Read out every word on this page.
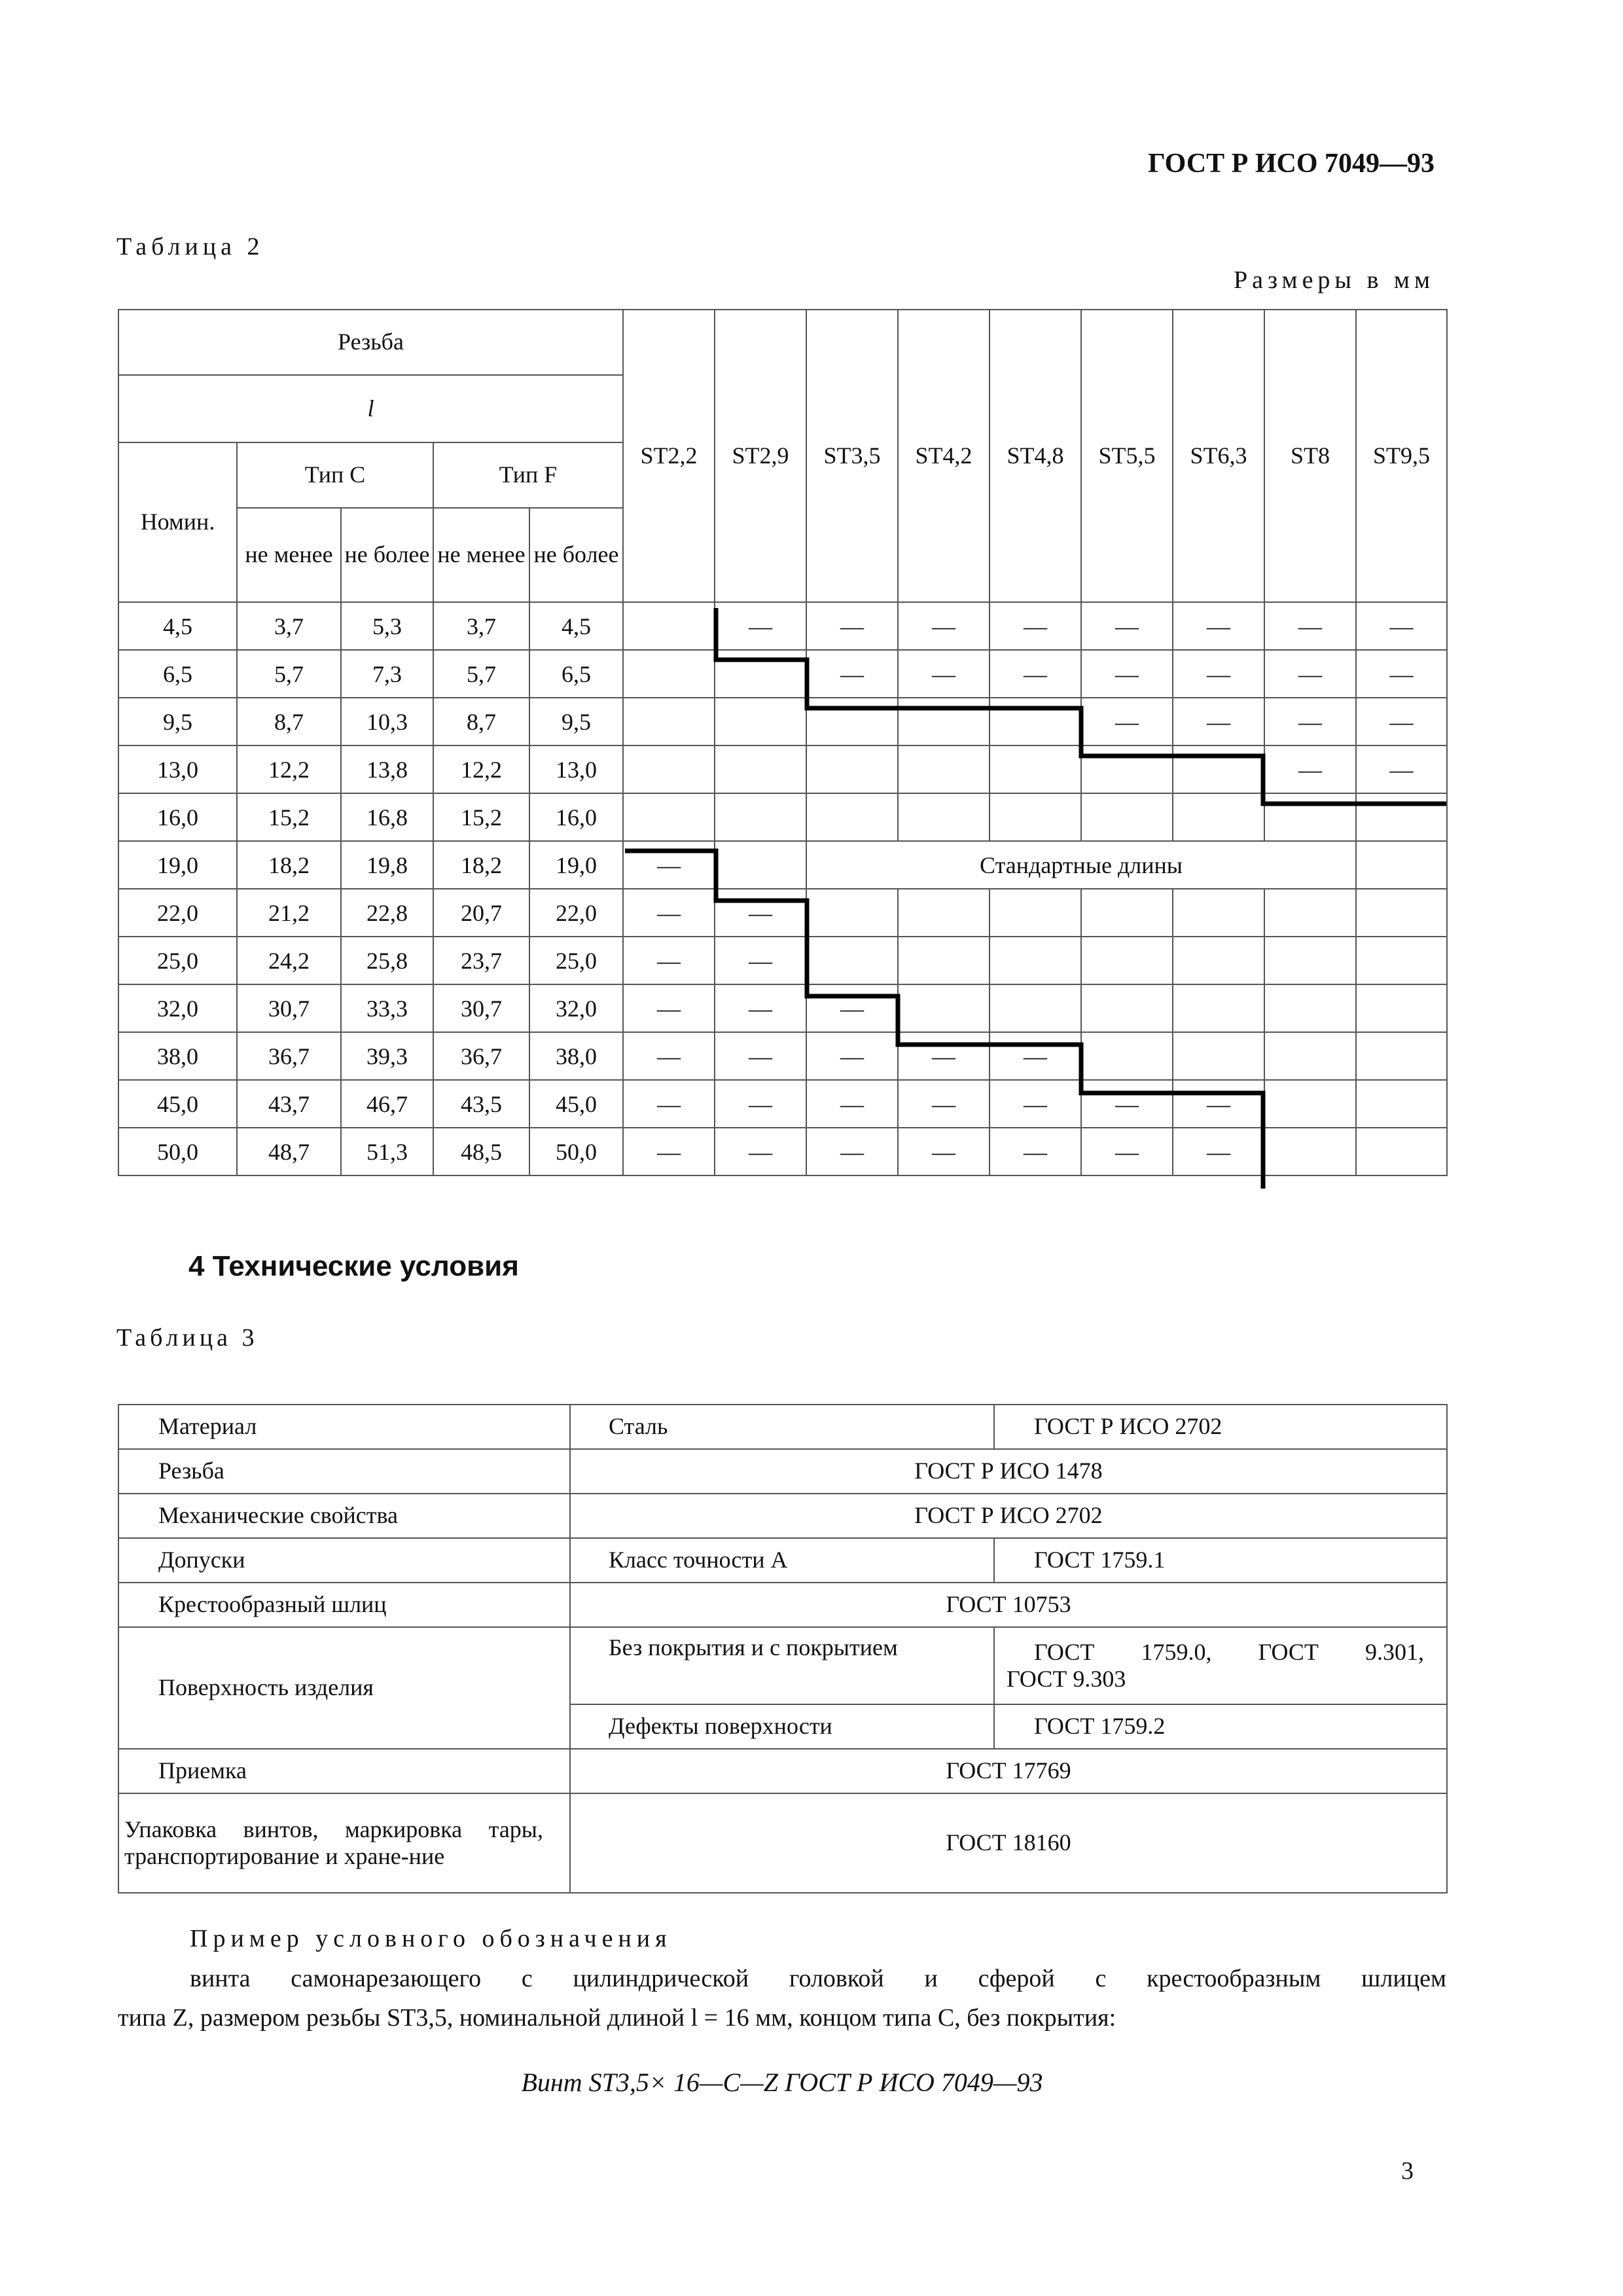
ГОСТ Р ИСО 7049—93
Таблица 2
Размеры в мм
Резьба					ST2,2	ST2,9	ST3,5	ST4,2	ST4,8	ST5,5	ST6,3	ST8	ST9,5
l													
Номин.	Тип С		Тип F										
	не менее	не более	не менее	не более									
4,5	3,7	5,3	3,7	4,5		—	—	—	—	—	—	—	—
6,5	5,7	7,3	5,7	6,5			—	—	—	—	—	—	—
9,5	8,7	10,3	8,7	9,5						—	—	—	—
13,0	12,2	13,8	12,2	13,0								—	—
16,0	15,2	16,8	15,2	16,0									
19,0	18,2	19,8	18,2	19,0	—		Стандартные длины						
22,0	21,2	22,8	20,7	22,0	—	—							
25,0	24,2	25,8	23,7	25,0	—	—							
32,0	30,7	33,3	30,7	32,0	—	—	—						
38,0	36,7	39,3	36,7	38,0	—	—	—	—	—				
45,0	43,7	46,7	43,5	45,0	—	—	—	—	—	—	—		
50,0	48,7	51,3	48,5	50,0	—	—	—	—	—	—	—		
4 Технические условия
Таблица 3
Материал	Сталь	ГОСТ Р ИСО 2702
Резьба	ГОСТ Р ИСО 1478	
Механические свойства	ГОСТ Р ИСО 2702	
Допуски	Класс точности А	ГОСТ 1759.1
Крестообразный шлиц	ГОСТ 10753	
Поверхность изделия	Без покрытия и с покрытием	ГОСТ 1759.0, ГОСТ 9.301,
ГОСТ 9.303

	Дефекты поверхности	ГОСТ 1759.2
Приемка	ГОСТ 17769	

Упаковка винтов, маркировка тары, транспортирование и хране-ние	ГОСТ 18160	
Пример условного обозначения
винта самонарезающего с цилиндрической головкой и сферой с крестообразным шлицем
типа Z, размером резьбы ST3,5, номинальной длиной l = 16 мм, концом типа С, без покрытия:
Винт ST3,5× 16—С—Z ГОСТ Р ИСО 7049—93
3
